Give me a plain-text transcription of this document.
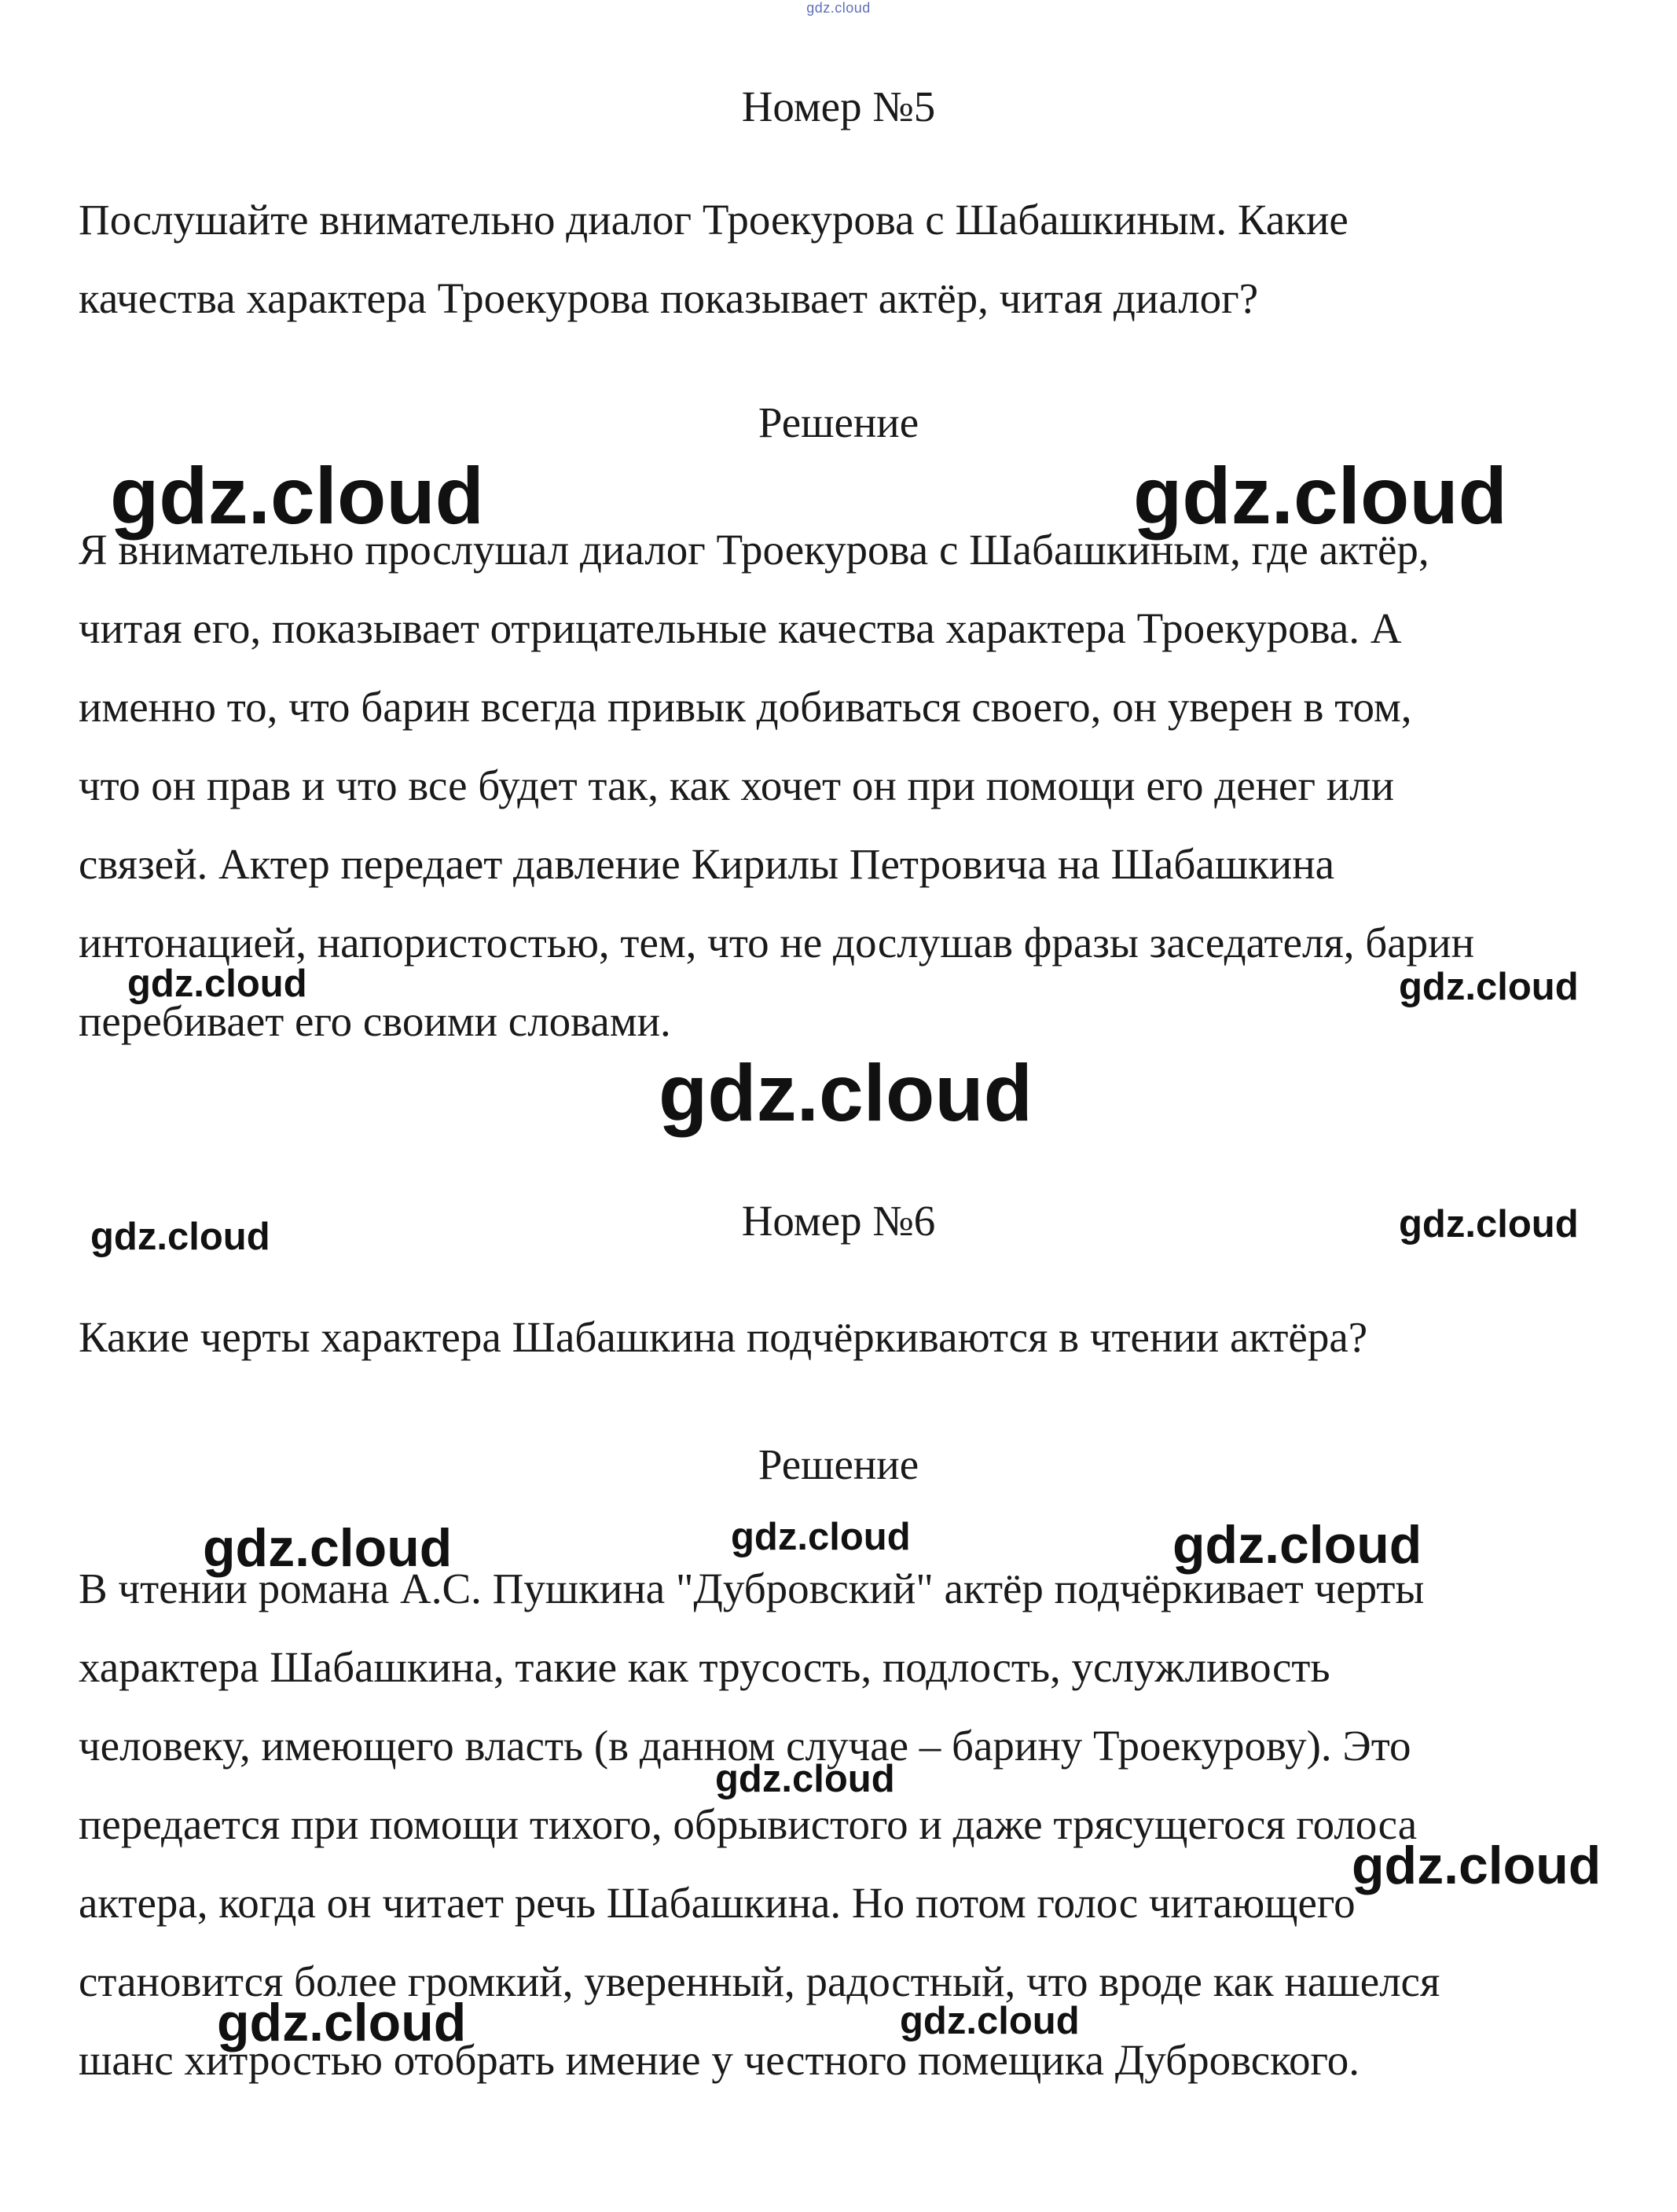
gdz.cloud
Номер №5
Послушайте внимательно диалог Троекурова с Шабашкиным. Какие
качества характера Троекурова показывает актёр, читая диалог?
Решение
Я внимательно прослушал диалог Троекурова с Шабашкиным, где актёр,
читая его, показывает отрицательные качества характера Троекурова. А
именно то, что барин всегда привык добиваться своего, он уверен в том,
что он прав и что все будет так, как хочет он при помощи его денег или
связей. Актер передает давление Кирилы Петровича на Шабашкина
интонацией, напористостью, тем, что не дослушав фразы заседателя, барин
перебивает его своими словами.
Номер №6
Какие черты характера Шабашкина подчёркиваются в чтении актёра?
Решение
В чтении романа А.С. Пушкина "Дубровский" актёр подчёркивает черты
характера Шабашкина, такие как трусость, подлость, услужливость
человеку, имеющего власть (в данном случае – барину Троекурову). Это
передается при помощи тихого, обрывистого и даже трясущегося голоса
актера, когда он читает речь Шабашкина. Но потом голос читающего
становится более громкий, уверенный, радостный, что вроде как нашелся
шанс хитростью отобрать имение у честного помещика Дубровского.
gdz.cloud	gdz.cloud
gdz.cloud	gdz.cloud
gdz.cloud
gdz.cloud	gdz.cloud
gdz.cloud	gdz.cloud	gdz.cloud
gdz.cloud
gdz.cloud
gdz.cloud	gdz.cloud
